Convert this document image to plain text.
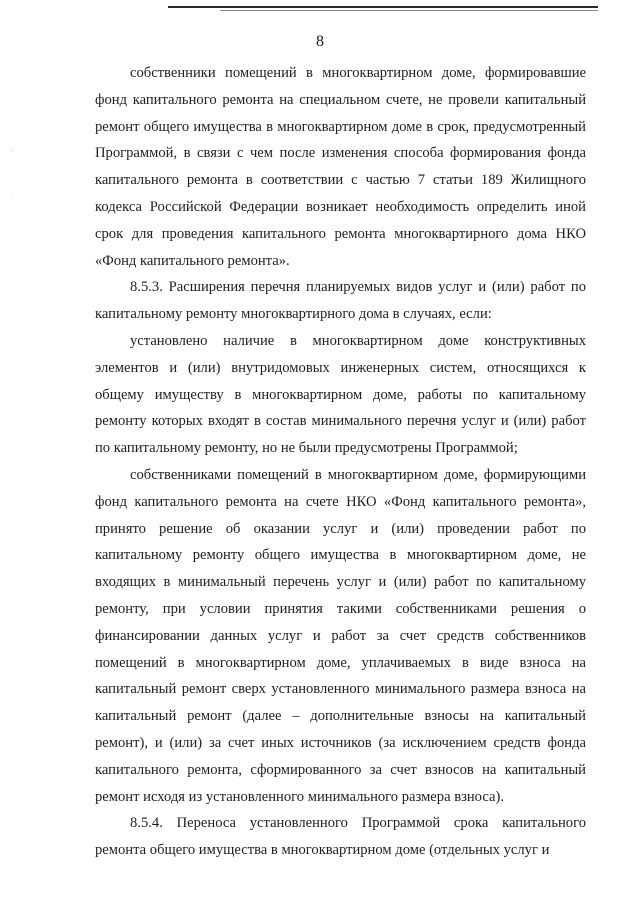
8

собственники помещений в многоквартирном доме, формировавшие фонд капитального ремонта на специальном счете, не провели капитальный ремонт общего имущества в многоквартирном доме в срок, предусмотренный Программой, в связи с чем после изменения способа формирования фонда капитального ремонта в соответствии с частью 7 статьи 189 Жилищного кодекса Российской Федерации возникает необходимость определить иной срок для проведения капитального ремонта многоквартирного дома НКО «Фонд капитального ремонта».

8.5.3. Расширения перечня планируемых видов услуг и (или) работ по капитальному ремонту многоквартирного дома в случаях, если:

установлено наличие в многоквартирном доме конструктивных элементов и (или) внутридомовых инженерных систем, относящихся к общему имуществу в многоквартирном доме, работы по капитальному ремонту которых входят в состав минимального перечня услуг и (или) работ по капитальному ремонту, но не были предусмотрены Программой;

собственниками помещений в многоквартирном доме, формирующими фонд капитального ремонта на счете НКО «Фонд капитального ремонта», принято решение об оказании услуг и (или) проведении работ по капитальному ремонту общего имущества в многоквартирном доме, не входящих в минимальный перечень услуг и (или) работ по капитальному ремонту, при условии принятия такими собственниками решения о финансировании данных услуг и работ за счет средств собственников помещений в многоквартирном доме, уплачиваемых в виде взноса на капитальный ремонт сверх установленного минимального размера взноса на капитальный ремонт (далее – дополнительные взносы на капитальный ремонт), и (или) за счет иных источников (за исключением средств фонда капитального ремонта, сформированного за счет взносов на капитальный ремонт исходя из установленного минимального размера взноса).

8.5.4. Переноса установленного Программой срока капитального ремонта общего имущества в многоквартирном доме (отдельных услуг и
